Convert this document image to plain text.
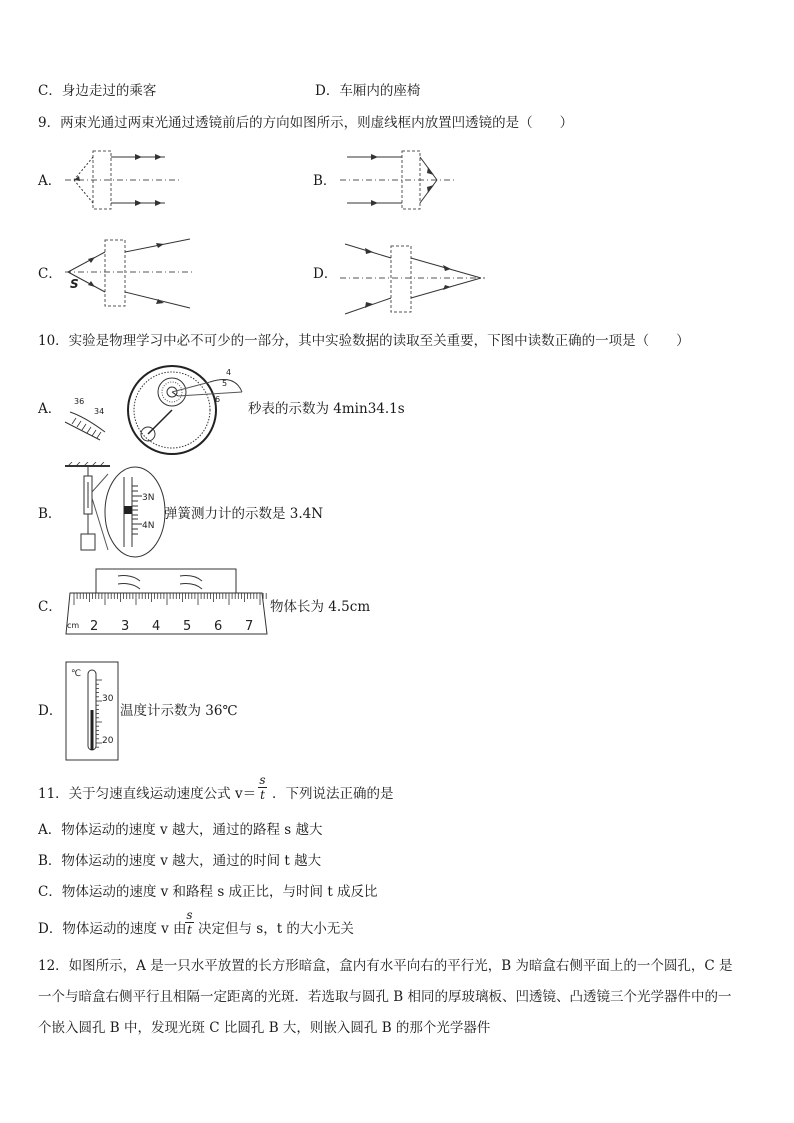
C．身边走过的乘客	D．车厢内的座椅
9．两束光通过两束光通过透镜前后的方向如图所示，则虚线框内放置凹透镜的是（　　）
A．	B．
C．
S
D．
10．实验是物理学习中必不可少的一部分，其中实验数据的读取至关重要，下图中读数正确的一项是（　　）
A． 36
34
4
5
6
秒表的示数为 4min34.1s
B．
3N
4N
弹簧测力计的示数是 3.4N
C．
cm 2 3 4 5 6 7
物体长为 4.5cm
D．
℃
30
20
温度计示数为 36℃
11．关于匀速直线运动速度公式 v＝
s
t ．下列说法正确的是
A．物体运动的速度 v 越大，通过的路程 s 越大
B．物体运动的速度 v 越大，通过的时间 t 越大
C．物体运动的速度 v 和路程 s 成正比，与时间 t 成反比
D．物体运动的速度 v 由
s
t 决定但与 s，t 的大小无关
12．如图所示，A 是一只水平放置的长方形暗盒，盒内有水平向右的平行光，B 为暗盒右侧平面上的一个圆孔，C 是
一个与暗盒右侧平行且相隔一定距离的光斑．若选取与圆孔 B 相同的厚玻璃板、凹透镜、凸透镜三个光学器件中的一
个嵌入圆孔 B 中，发现光斑 C 比圆孔 B 大，则嵌入圆孔 B 的那个光学器件
